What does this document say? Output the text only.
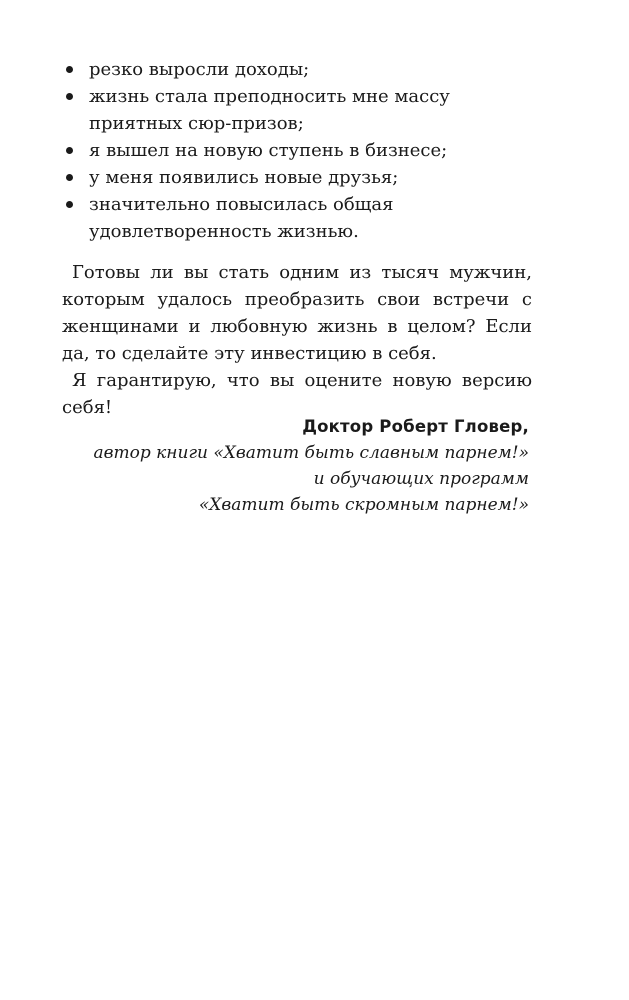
резко выросли доходы;
жизнь стала преподносить мне массу приятных сюр-призов;
я вышел на новую ступень в бизнесе;
у меня появились новые друзья;
значительно повысилась общая удовлетворенность жизнью.

Готовы ли вы стать одним из тысяч мужчин, которым удалось преобразить свои встречи с женщинами и любовную жизнь в целом? Если да, то сделайте эту инвестицию в себя.

Я гарантирую, что вы оцените новую версию себя!

Доктор Роберт Гловер,
автор книги «Хватит быть славным парнем!»
и обучающих программ
«Хватит быть скромным парнем!»
